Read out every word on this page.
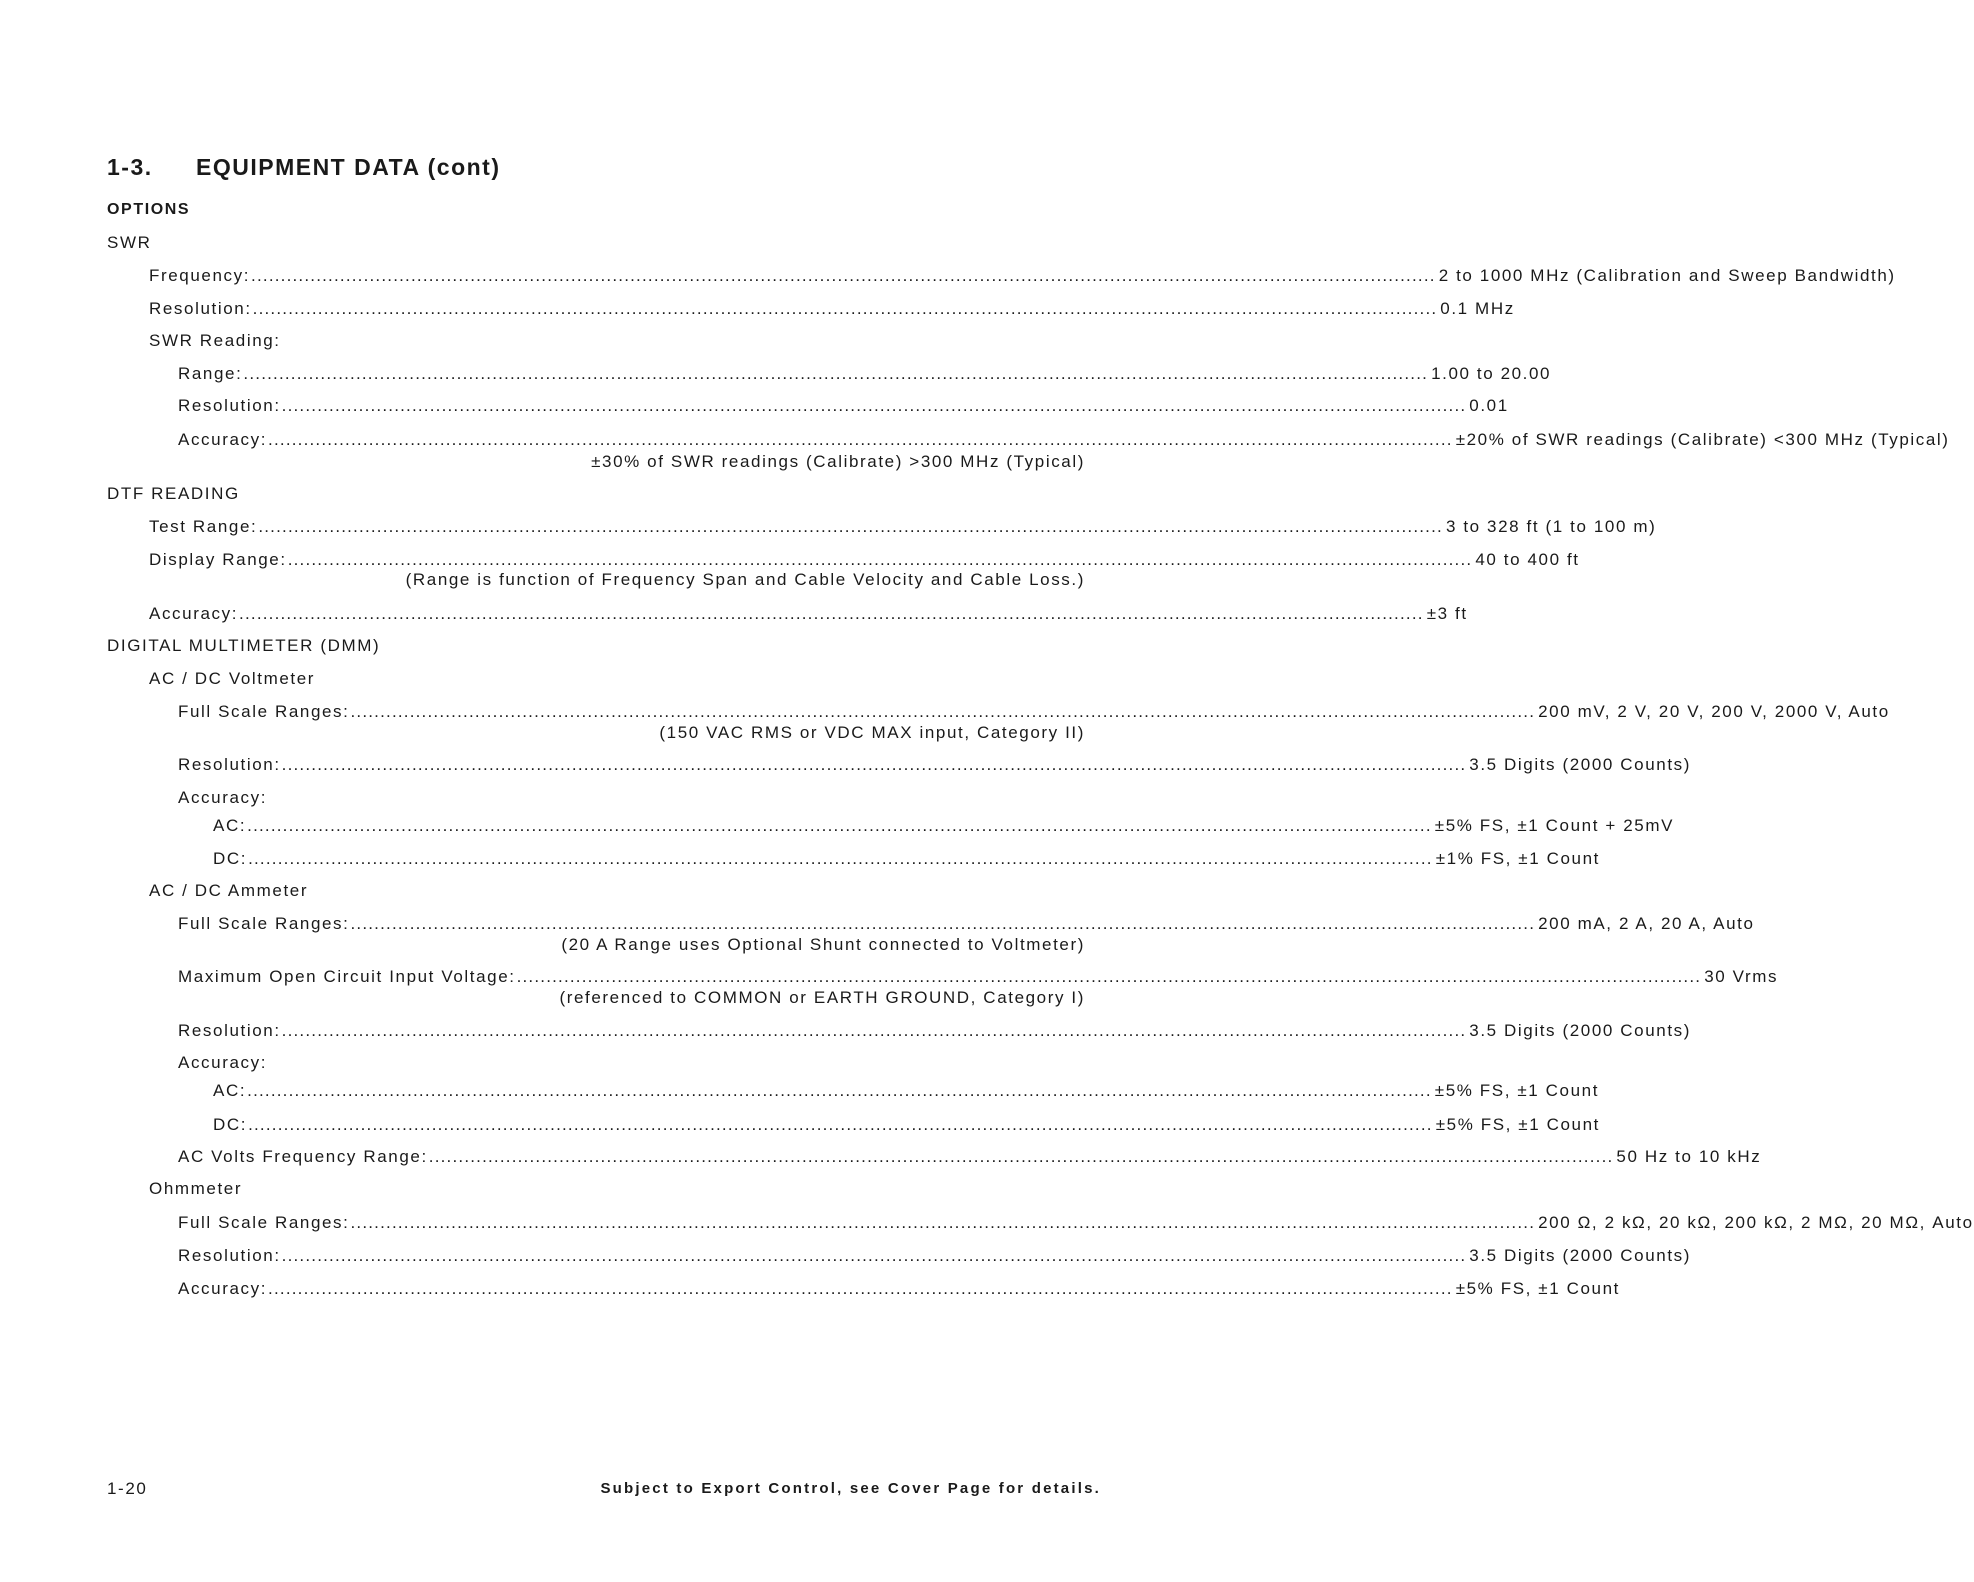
1-3. EQUIPMENT DATA (cont)
OPTIONS
SWR
Frequency: ........................................................................................................................................................................................................ 2 to 1000 MHz (Calibration and Sweep Bandwidth)
Resolution: ........................................................................................................................................................................................................ 0.1 MHz
SWR Reading:
Range: ........................................................................................................................................................................................................ 1.00 to 20.00
Resolution: ........................................................................................................................................................................................................ 0.01
Accuracy: ........................................................................................................................................................................................................ ±20% of SWR readings (Calibrate) <300 MHz (Typical)
±30% of SWR readings (Calibrate) >300 MHz (Typical)
DTF READING
Test Range: ........................................................................................................................................................................................................ 3 to 328 ft (1 to 100 m)
Display Range: ........................................................................................................................................................................................................ 40 to 400 ft
(Range is function of Frequency Span and Cable Velocity and Cable Loss.)
Accuracy: ........................................................................................................................................................................................................ ±3 ft
DIGITAL MULTIMETER (DMM)
AC / DC Voltmeter
Full Scale Ranges: ........................................................................................................................................................................................................ 200 mV, 2 V, 20 V, 200 V, 2000 V, Auto
(150 VAC RMS or VDC MAX input, Category II)
Resolution: ........................................................................................................................................................................................................ 3.5 Digits (2000 Counts)
Accuracy:
AC: ........................................................................................................................................................................................................ ±5% FS, ±1 Count + 25mV
DC: ........................................................................................................................................................................................................ ±1% FS, ±1 Count
AC / DC Ammeter
Full Scale Ranges: ........................................................................................................................................................................................................ 200 mA, 2 A, 20 A, Auto
(20 A Range uses Optional Shunt connected to Voltmeter)
Maximum Open Circuit Input Voltage: ........................................................................................................................................................................................................ 30 Vrms
(referenced to COMMON or EARTH GROUND, Category I)
Resolution: ........................................................................................................................................................................................................ 3.5 Digits (2000 Counts)
Accuracy:
AC: ........................................................................................................................................................................................................ ±5% FS, ±1 Count
DC: ........................................................................................................................................................................................................ ±5% FS, ±1 Count
AC Volts Frequency Range: ........................................................................................................................................................................................................ 50 Hz to 10 kHz
Ohmmeter
Full Scale Ranges: ........................................................................................................................................................................................................ 200 Ω, 2 kΩ, 20 kΩ, 200 kΩ, 2 MΩ, 20 MΩ, Auto
Resolution: ........................................................................................................................................................................................................ 3.5 Digits (2000 Counts)
Accuracy: ........................................................................................................................................................................................................ ±5% FS, ±1 Count
1-20	Subject to Export Control, see Cover Page for details.
